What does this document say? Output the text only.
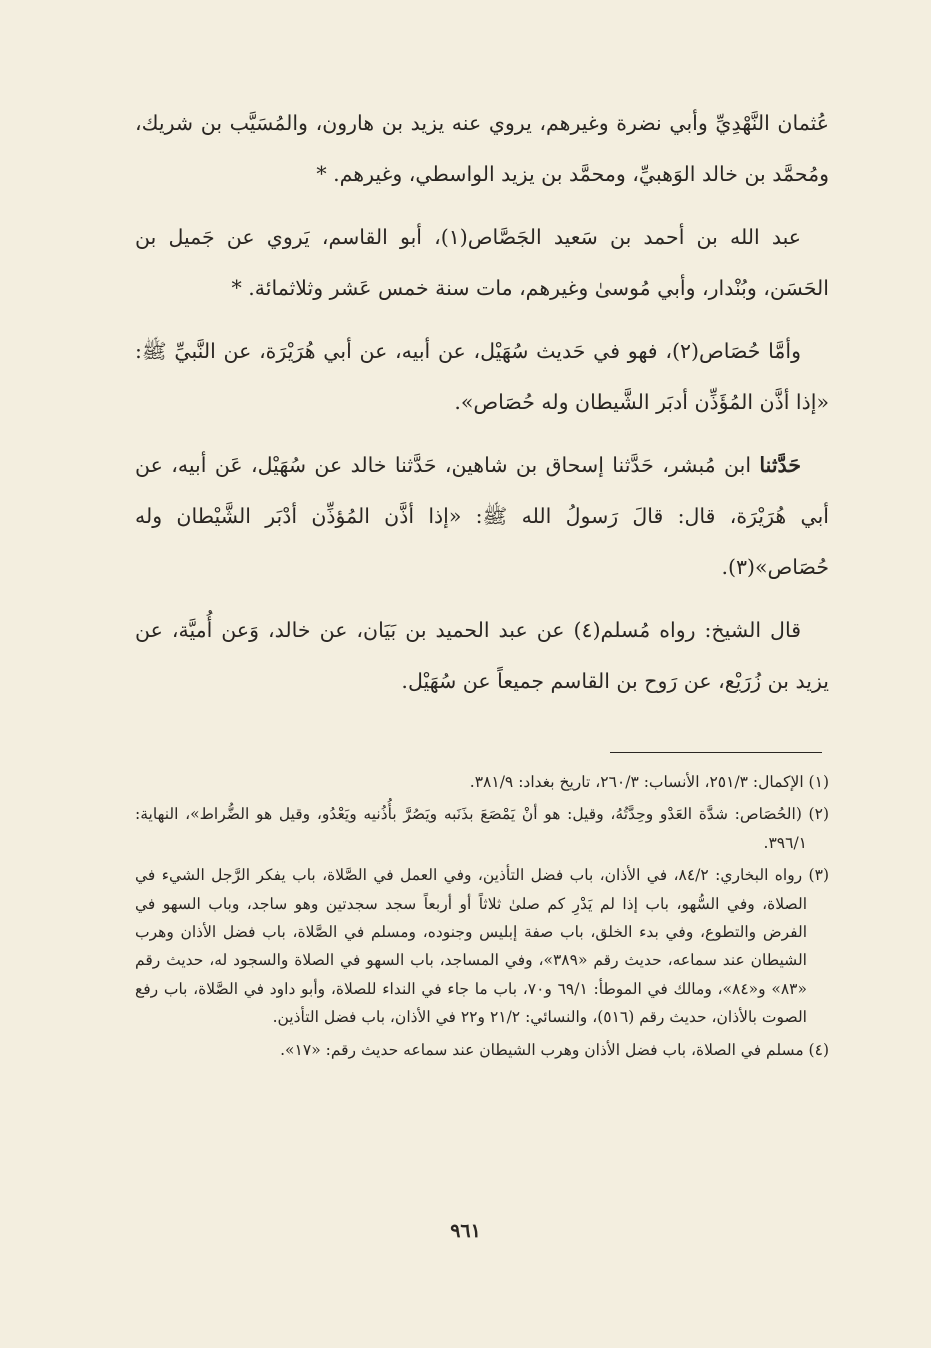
عُثمان النَّهْدِيِّ وأبي نضرة وغيرهم، يروي عنه يزيد بن هارون، والمُسَيَّب بن شريك، ومُحمَّد بن خالد الوَهبيِّ، ومحمَّد بن يزيد الواسطي، وغيرهم. *

عبد الله بن أحمد بن سَعيد الجَصَّاص(١)، أبو القاسم، يَروي عن جَميل بن الحَسَن، وبُنْدار، وأبي مُوسىٰ وغيرهم، مات سنة خمس عَشر وثلاثمائة. *

وأمَّا حُصَاص(٢)، فهو في حَديث سُهَيْل، عن أبيه، عن أبي هُرَيْرَة، عن النَّبيِّ ﷺ: «إذا أذَّن المُؤَذِّن أدبَر الشَّيطان وله حُصَاص».

حَدَّثنا ابن مُبشر، حَدَّثنا إسحاق بن شاهين، حَدَّثنا خالد عن سُهَيْل، عَن أبيه، عن أبي هُرَيْرَة، قال: قالَ رَسولُ الله ﷺ: «إذا أذَّن المُؤذِّن أدْبَر الشَّيْطان وله حُصَاص»(٣).

قال الشيخ: رواه مُسلم(٤) عن عبد الحميد بن بَيَان، عن خالد، وَعن أُميَّة، عن يزيد بن زُرَيْع، عن رَوح بن القاسم جميعاً عن سُهَيْل.

(١) الإكمال: ٢٥١/٣، الأنساب: ٢٦٠/٣، تاريخ بغداد: ٣٨١/٩.

(٢) (الحُصَاص: شدَّة العَدْو وحِدَّتُهُ، وقيل: هو أنْ يَمْصَعَ بذَنَبه ويَصُرَّ بأُذُنيه ويَعْدُو، وقيل هو الضُّراط»، النهاية: ٣٩٦/١.

(٣) رواه البخاري: ٨٤/٢، في الأذان، باب فضل التأذين، وفي العمل في الصَّلاة، باب يفكر الرَّجل الشيء في الصلاة، وفي السُّهو، باب إذا لم يَدْرِ كم صلىٰ ثلاثاً أو أربعاً سجد سجدتين وهو ساجد، وباب السهو في الفرض والتطوع، وفي بدء الخلق، باب صفة إبليس وجنوده، ومسلم في الصَّلاة، باب فضل الأذان وهرب الشيطان عند سماعه، حديث رقم «٣٨٩»، وفي المساجد، باب السهو في الصلاة والسجود له، حديث رقم «٨٣» و«٨٤»، ومالك في الموطأ: ٦٩/١ و٧٠، باب ما جاء في النداء للصلاة، وأبو داود في الصَّلاة، باب رفع الصوت بالأذان، حديث رقم (٥١٦)، والنسائي: ٢١/٢ و٢٢ في الأذان، باب فضل التأذين.

(٤) مسلم في الصلاة، باب فضل الأذان وهرب الشيطان عند سماعه حديث رقم: «١٧».

٩٦١
